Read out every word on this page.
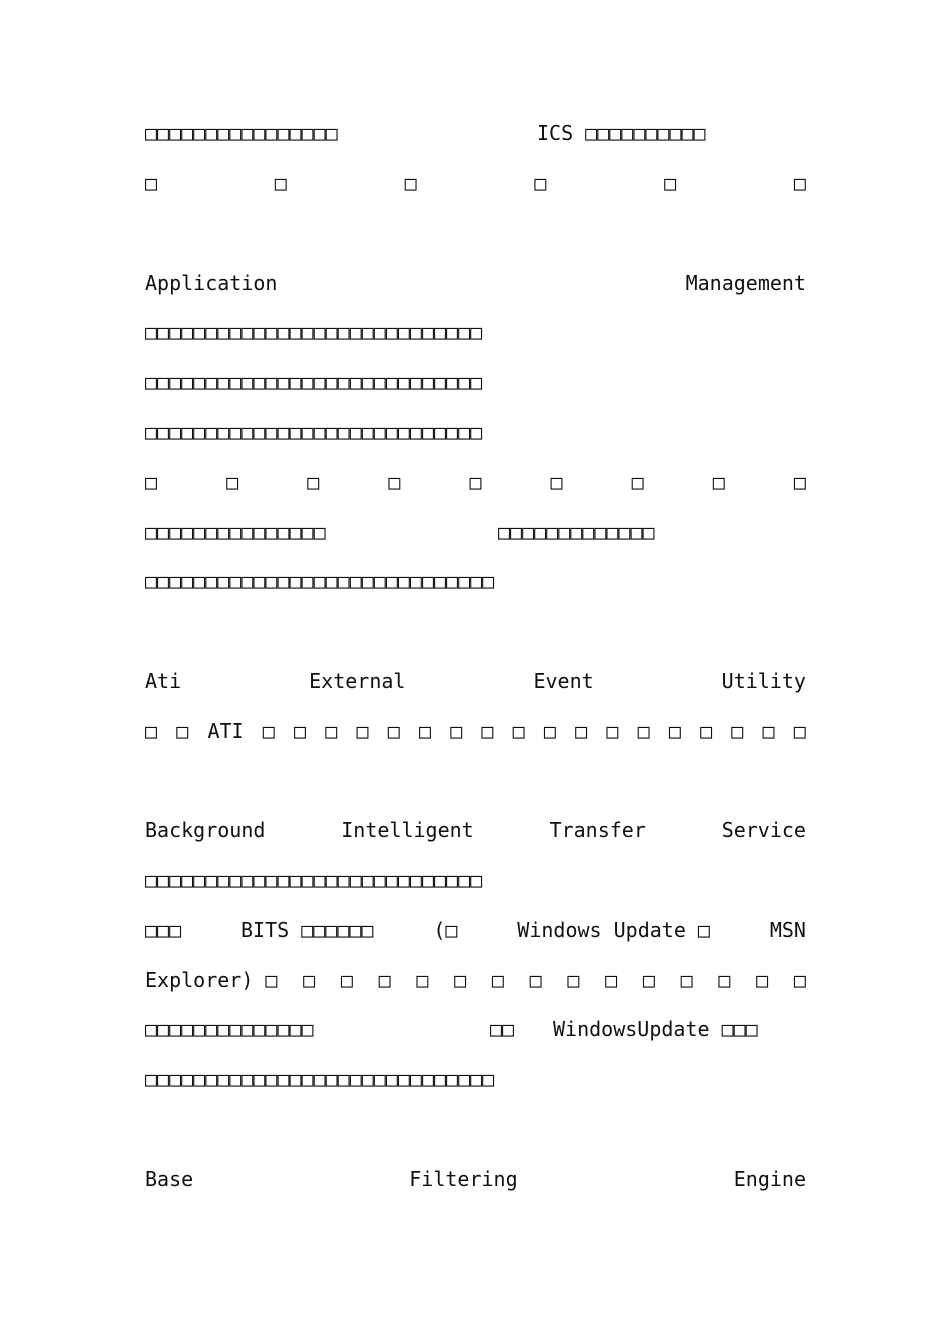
□□□□□□□□□□□□□□□□	ICS □□□□□□□□□□
□	□	□	□	□	□
Application	Management
□□□□□□□□□□□□□□□□□□□□□□□□□□□□
□□□□□□□□□□□□□□□□□□□□□□□□□□□□
□□□□□□□□□□□□□□□□□□□□□□□□□□□□
□	□	□	□	□	□	□	□	□
□□□□□□□□□□□□□□□	□□□□□□□□□□□□□
□□□□□□□□□□□□□□□□□□□□□□□□□□□□□
Ati	External	Event	Utility
□ □ ATI □ □ □ □ □ □ □ □ □ □ □ □ □ □ □ □ □ □
Background	Intelligent	Transfer	Service
□□□□□□□□□□□□□□□□□□□□□□□□□□□□
□□□	BITS □□□□□□	(□	Windows Update □	MSN
Explorer) □ □ □ □ □ □ □ □ □ □ □ □ □ □ □
□□□□□□□□□□□□□□	□□ WindowsUpdate □□□
□□□□□□□□□□□□□□□□□□□□□□□□□□□□□
Base	Filtering	Engine
